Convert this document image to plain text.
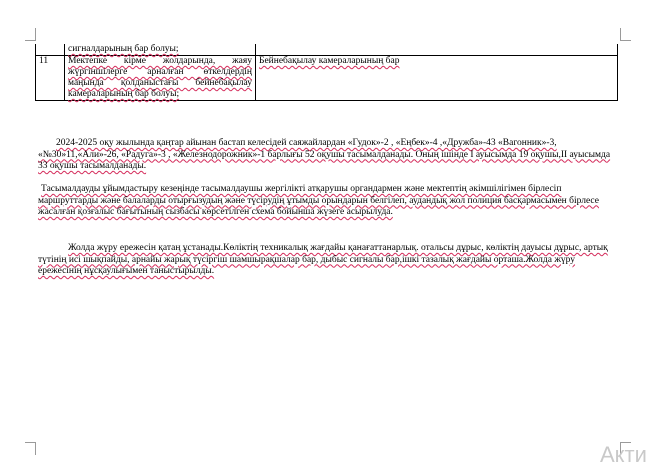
	сигналдарының бар болуы;	
11	Мектепке кірме жолдарында, жаяу жүргіншілерге арналған өткелдердің маңында қолданыстағы бейнебақылау камераларының бар болуы;	Бейнебақылау камераларының бар

2024-2025 оқу жылында қаңтар айынан бастап келесідей саяжайлардан «Гудок»-2 , «Еңбек»-4 ,«Дружба»-43 «Вагонник»-3, «№30»11,«Али»-26, «Радуга»-3 , «Железнодорожник»-1 барлығы 52 оқушы тасымалданады. Оның ішінде I ауысымда 19 оқушы,II ауысымда 33 оқушы тасымалданады.

Тасымалдауды ұйымдастыру кезеңінде тасымалдаушы жергілікті атқарушы органдармен және мектептің әкімшілігімен бірлесіп маршруттарды және балаларды отырғызудың және түсірудің ұтымды орындарын белгілеп, аудандық жол полиция басқармасымен бірлесе жасалған қозғалыс бағытының сызбасы көрсетілген схема бойынша жүзеге асырылуда.

Жолда жүру ережесін қатаң ұстанады.Көліктің техникалық жағдайы қанағаттанарлық. отальсы дұрыс, көліктің дауысы дұрыс, артық түтінің исі шықпайды, арнайы жарық түсіргіш шамшырақшалар бар, дыбыс сигналы бар,ішкі тазалық жағдайы орташа.Жолда жүру ережесінің нұсқаулығымен таныстырылды.

Акти
